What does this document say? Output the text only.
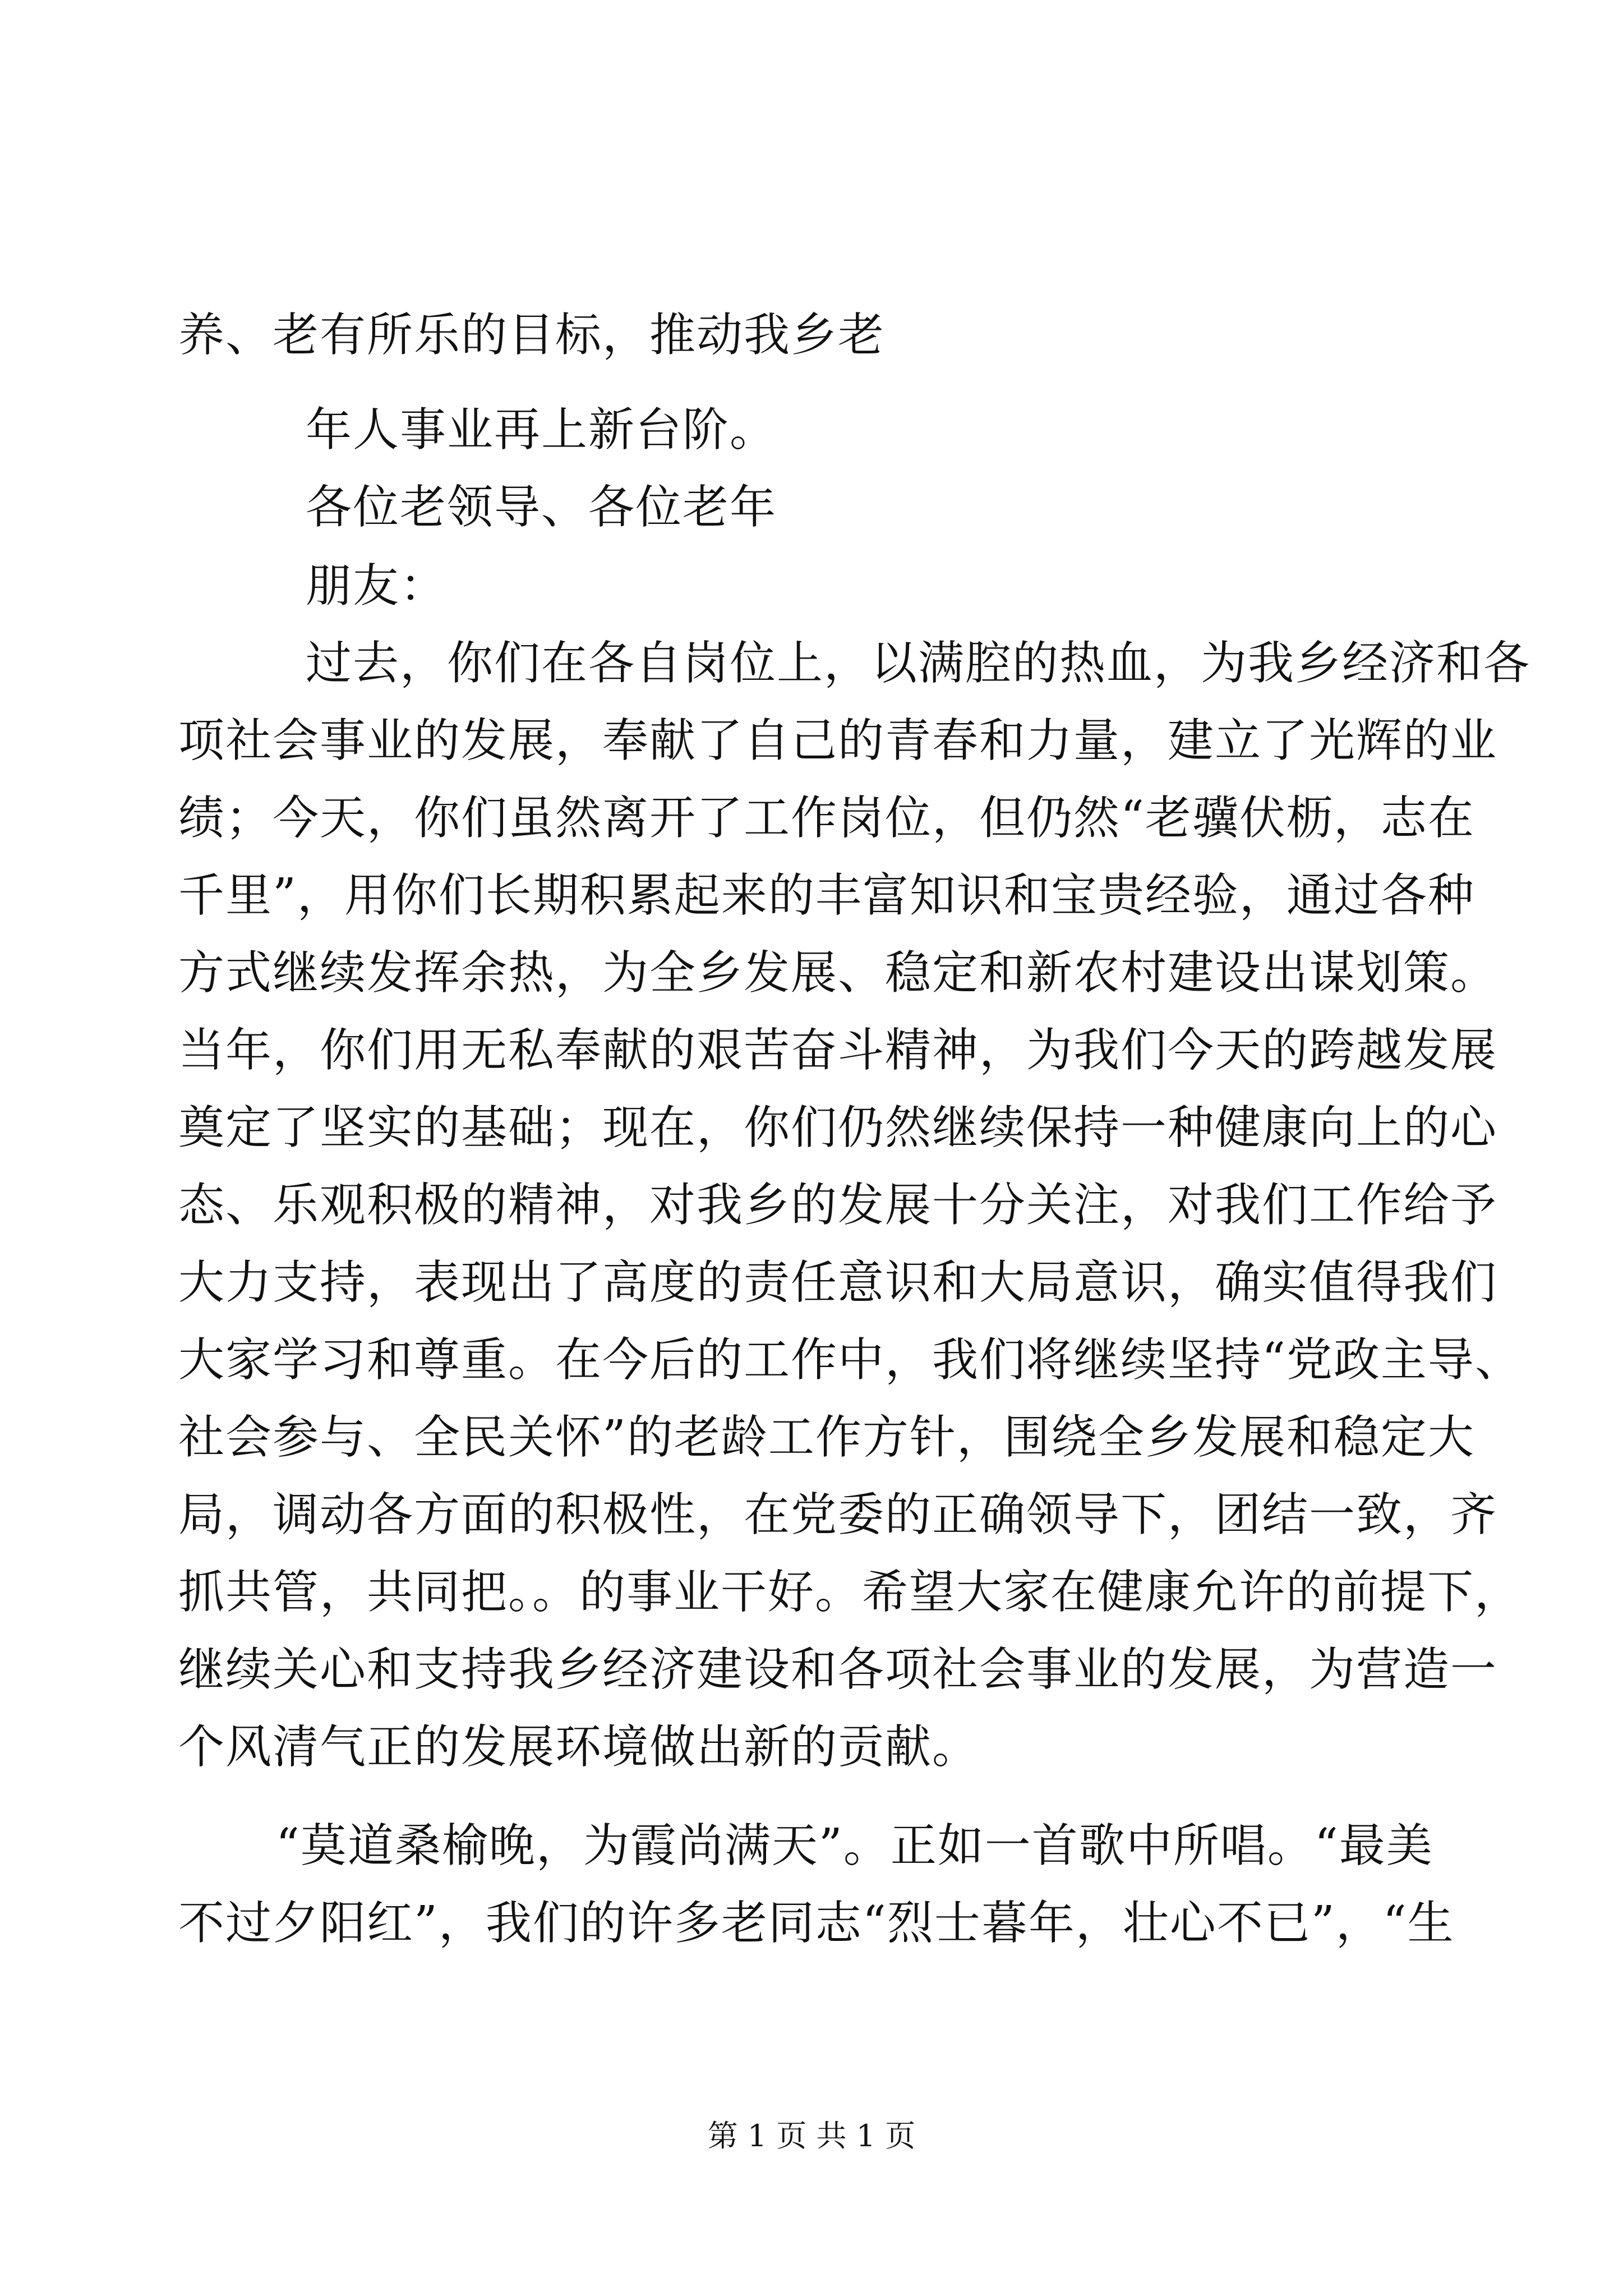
养、老有所乐的目标，推动我乡老
年人事业再上新台阶。
各位老领导、各位老年
朋友：
过去，你们在各自岗位上，以满腔的热血，为我乡经济和各
项社会事业的发展，奉献了自己的青春和力量，建立了光辉的业
绩；今天，你们虽然离开了工作岗位，但仍然“老骥伏枥，志在
千里”，用你们长期积累起来的丰富知识和宝贵经验，通过各种
方式继续发挥余热，为全乡发展、稳定和新农村建设出谋划策。
当年，你们用无私奉献的艰苦奋斗精神，为我们今天的跨越发展
奠定了坚实的基础；现在，你们仍然继续保持一种健康向上的心
态、乐观积极的精神，对我乡的发展十分关注，对我们工作给予
大力支持，表现出了高度的责任意识和大局意识，确实值得我们
大家学习和尊重。在今后的工作中，我们将继续坚持“党政主导、
社会参与、全民关怀”的老龄工作方针，围绕全乡发展和稳定大
局，调动各方面的积极性，在党委的正确领导下，团结一致，齐
抓共管，共同把。。的事业干好。希望大家在健康允许的前提下，
继续关心和支持我乡经济建设和各项社会事业的发展，为营造一
个风清气正的发展环境做出新的贡献。
“莫道桑榆晚，为霞尚满天”。正如一首歌中所唱。“最美
不过夕阳红”，我们的许多老同志“烈士暮年，壮心不已”，“生
第 1 页 共 1 页
